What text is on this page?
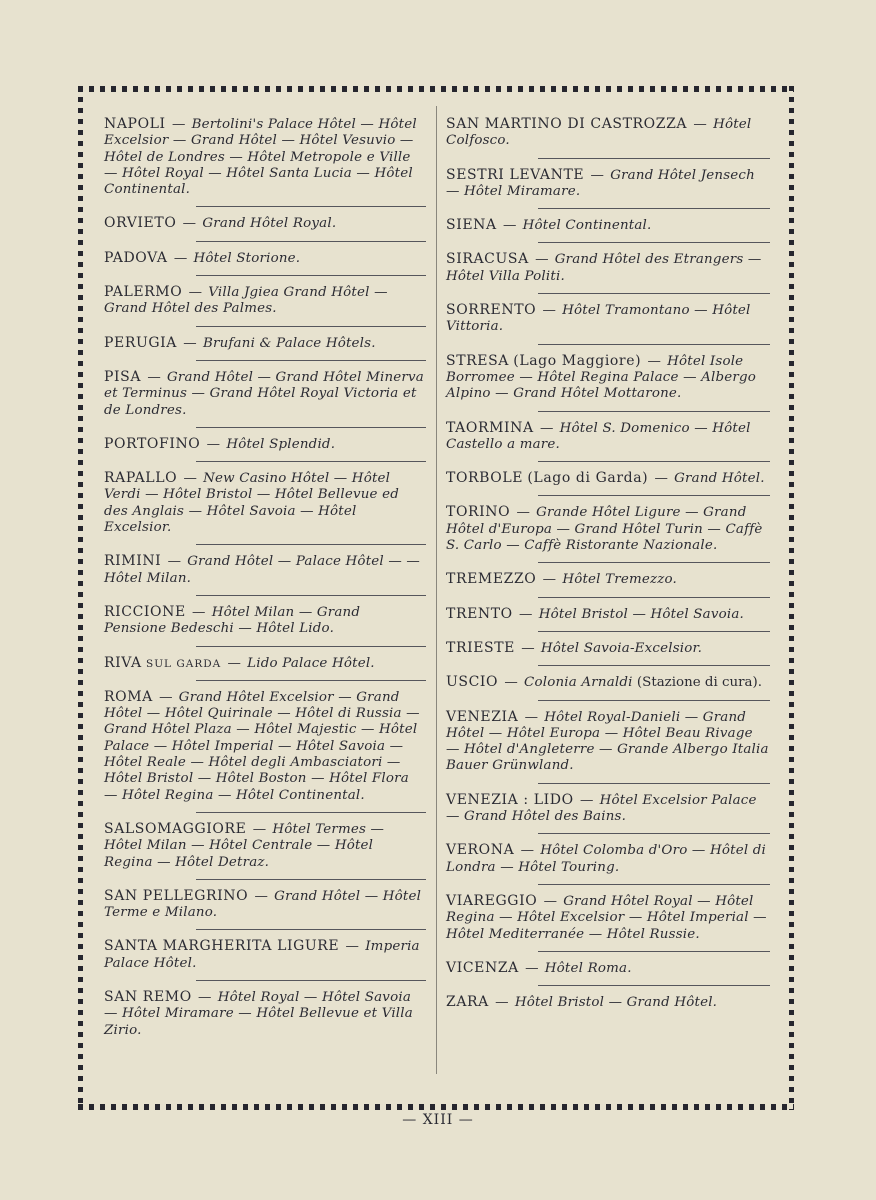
NAPOLI — Bertolini's Palace Hôtel — Hôtel Excelsior — Grand Hôtel — Hôtel Vesuvio — Hôtel de Londres — Hôtel Metropole e Ville — Hôtel Royal — Hôtel Santa Lucia — Hôtel Continental.
ORVIETO — Grand Hôtel Royal.
PADOVA — Hôtel Storione.
PALERMO — Villa Jgiea Grand Hôtel — Grand Hôtel des Palmes.
PERUGIA — Brufani & Palace Hôtels.
PISA — Grand Hôtel — Grand Hôtel Minerva et Terminus — Grand Hôtel Royal Victoria et de Londres.
PORTOFINO — Hôtel Splendid.
RAPALLO — New Casino Hôtel — Hôtel Verdi — Hôtel Bristol — Hôtel Bellevue ed des Anglais — Hôtel Savoia — Hôtel Excelsior.
RIMINI — Grand Hôtel — Palace Hôtel — — Hôtel Milan.
RICCIONE — Hôtel Milan — Grand Pensione Bedeschi — Hôtel Lido.
RIVA SUL GARDA — Lido Palace Hôtel.
ROMA — Grand Hôtel Excelsior — Grand Hôtel — Hôtel Quirinale — Hôtel di Russia — Grand Hôtel Plaza — Hôtel Majestic — Hôtel Palace — Hôtel Imperial — Hôtel Savoia — Hôtel Reale — Hôtel degli Ambasciatori — Hôtel Bristol — Hôtel Boston — Hôtel Flora — Hôtel Regina — Hôtel Continental.
SALSOMAGGIORE — Hôtel Termes — Hôtel Milan — Hôtel Centrale — Hôtel Regina — Hôtel Detraz.
SAN PELLEGRINO — Grand Hôtel — Hôtel Terme e Milano.
SANTA MARGHERITA LIGURE — Imperia Palace Hôtel.
SAN REMO — Hôtel Royal — Hôtel Savoia — Hôtel Miramare — Hôtel Bellevue et Villa Zirio.
SAN MARTINO DI CASTROZZA — Hôtel Colfosco.
SESTRI LEVANTE — Grand Hôtel Jensech — Hôtel Miramare.
SIENA — Hôtel Continental.
SIRACUSA — Grand Hôtel des Etrangers — Hôtel Villa Politi.
SORRENTO — Hôtel Tramontano — Hôtel Vittoria.
STRESA (Lago Maggiore) — Hôtel Isole Borromee — Hôtel Regina Palace — Albergo Alpino — Grand Hôtel Mottarone.
TAORMINA — Hôtel S. Domenico — Hôtel Castello a mare.
TORBOLE (Lago di Garda) — Grand Hôtel.
TORINO — Grande Hôtel Ligure — Grand Hôtel d'Europa — Grand Hôtel Turin — Caffè S. Carlo — Caffè Ristorante Nazionale.
TREMEZZO — Hôtel Tremezzo.
TRENTO — Hôtel Bristol — Hôtel Savoia.
TRIESTE — Hôtel Savoia-Excelsior.
USCIO — Colonia Arnaldi (Stazione di cura).
VENEZIA — Hôtel Royal-Danieli — Grand Hôtel — Hôtel Europa — Hôtel Beau Rivage — Hôtel d'Angleterre — Grande Albergo Italia Bauer Grünwland.
VENEZIA : LIDO — Hôtel Excelsior Palace — Grand Hôtel des Bains.
VERONA — Hôtel Colomba d'Oro — Hôtel di Londra — Hôtel Touring.
VIAREGGIO — Grand Hôtel Royal — Hôtel Regina — Hôtel Excelsior — Hôtel Imperial — Hôtel Mediterranée — Hôtel Russie.
VICENZA — Hôtel Roma.
ZARA — Hôtel Bristol — Grand Hôtel.
— XIII —
